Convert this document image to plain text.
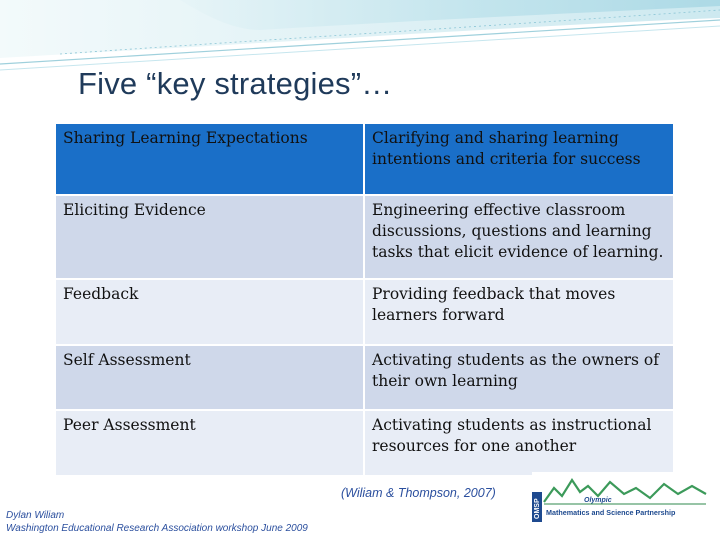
Five “key strategies”…
Sharing Learning Expectations	Clarifying and sharing learning intentions and criteria for success
Eliciting Evidence	Engineering effective classroom discussions, questions and learning tasks that elicit evidence of learning.
Feedback	Providing feedback that moves learners forward
Self Assessment	Activating students as the owners of their own learning
Peer Assessment	Activating students as instructional resources for one another
(Wiliam & Thompson, 2007)
Dylan Wiliam
Washington Educational Research Association workshop June 2009
OMSP	Olympic
Mathematics and Science Partnership
